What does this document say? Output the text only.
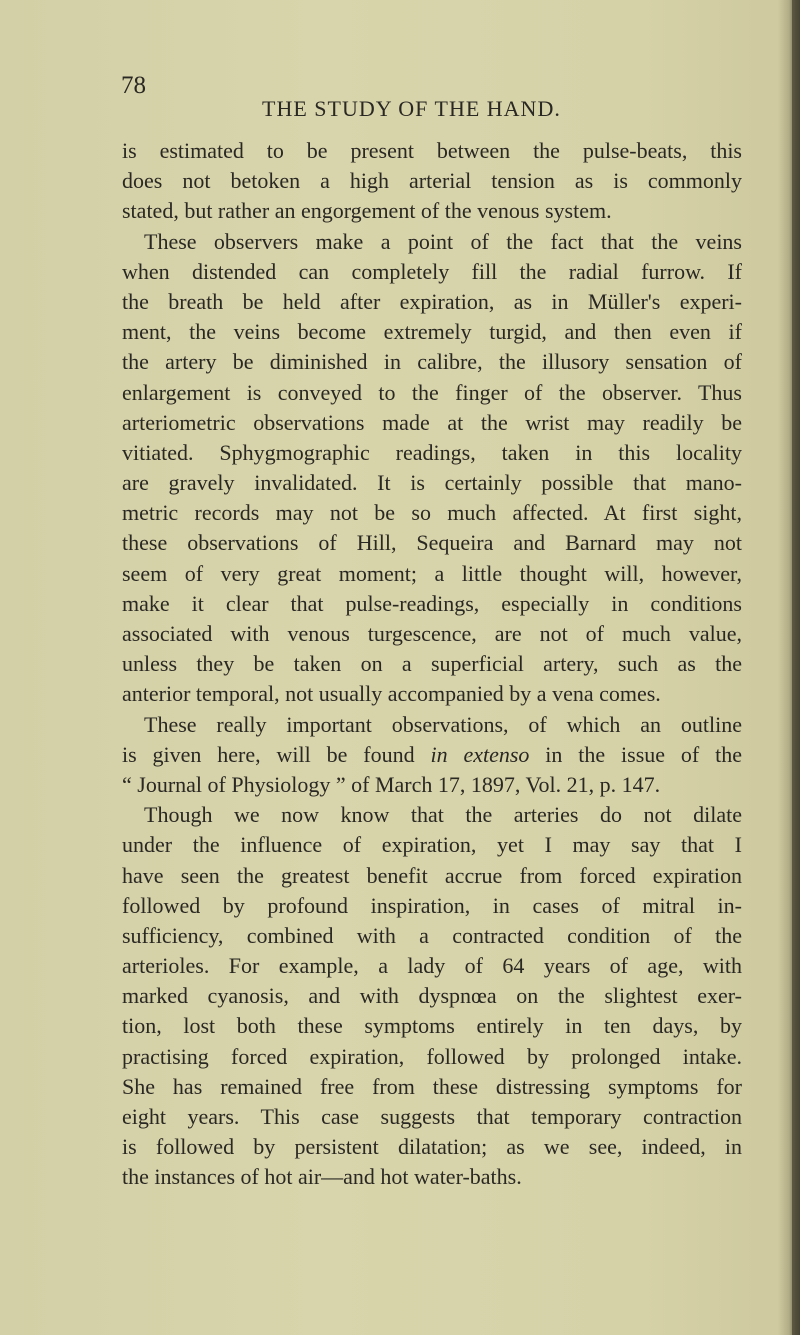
78
THE STUDY OF THE HAND.
is estimated to be present between the pulse-beats, this
does not betoken a high arterial tension as is commonly
stated, but rather an engorgement of the venous system.
These observers make a point of the fact that the veins
when distended can completely fill the radial furrow. If
the breath be held after expiration, as in Müller's experi-
ment, the veins become extremely turgid, and then even if
the artery be diminished in calibre, the illusory sensation of
enlargement is conveyed to the finger of the observer. Thus
arteriometric observations made at the wrist may readily be
vitiated. Sphygmographic readings, taken in this locality
are gravely invalidated. It is certainly possible that mano-
metric records may not be so much affected. At first sight,
these observations of Hill, Sequeira and Barnard may not
seem of very great moment; a little thought will, however,
make it clear that pulse-readings, especially in conditions
associated with venous turgescence, are not of much value,
unless they be taken on a superficial artery, such as the
anterior temporal, not usually accompanied by a vena comes.
These really important observations, of which an outline
is given here, will be found in extenso in the issue of the
“ Journal of Physiology ” of March 17, 1897, Vol. 21, p. 147.
Though we now know that the arteries do not dilate
under the influence of expiration, yet I may say that I
have seen the greatest benefit accrue from forced expiration
followed by profound inspiration, in cases of mitral in-
sufficiency, combined with a contracted condition of the
arterioles. For example, a lady of 64 years of age, with
marked cyanosis, and with dyspnœa on the slightest exer-
tion, lost both these symptoms entirely in ten days, by
practising forced expiration, followed by prolonged intake.
She has remained free from these distressing symptoms for
eight years. This case suggests that temporary contraction
is followed by persistent dilatation; as we see, indeed, in
the instances of hot air—and hot water-baths.
